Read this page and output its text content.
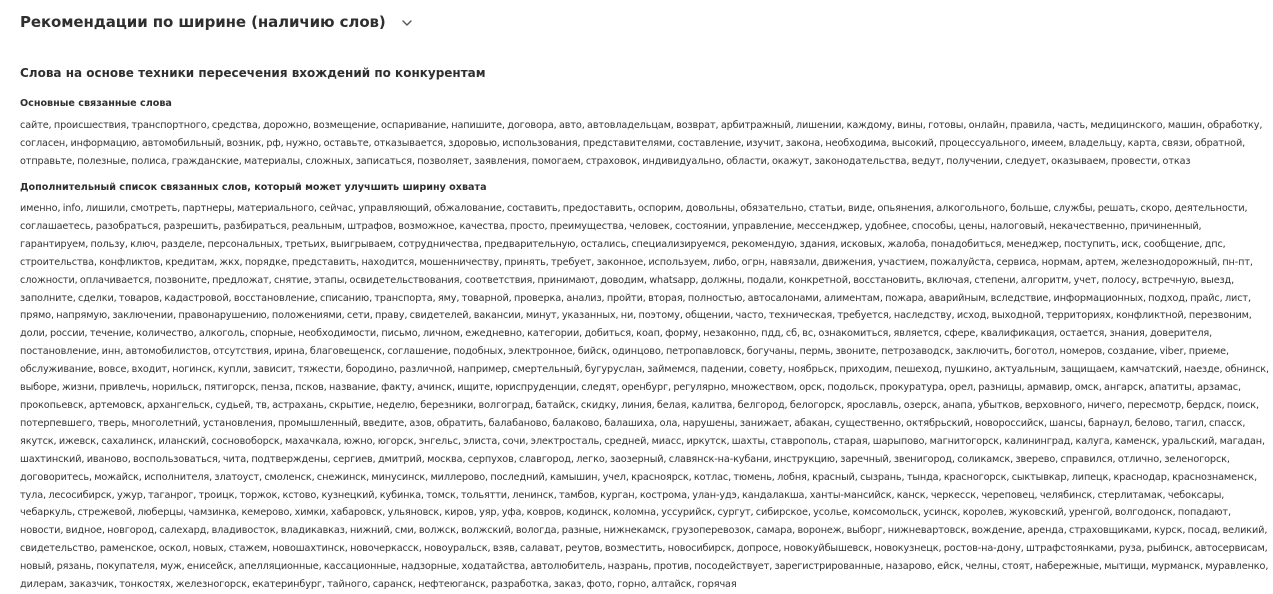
Рекомендации по ширине (наличию слов)
Слова на основе техники пересечения вхождений по конкурентам
Основные связанные слова
сайте, происшествия, транспортного, средства, дорожно, возмещение, оспаривание, напишите, договора, авто, автовладельцам, возврат, арбитражный, лишении, каждому, вины, готовы, онлайн, правила, часть, медицинского, машин, обработку, согласен, информацию, автомобильный, возник, рф, нужно, оставьте, отказывается, здоровью, использования, представителями, составление, изучит, закона, необходима, высокий, процессуального, имеем, владельцу, карта, связи, обратной, отправьте, полезные, полиса, гражданские, материалы, сложных, записаться, позволяет, заявления, помогаем, страховок, индивидуально, области, окажут, законодательства, ведут, получении, следует, оказываем, провести, отказ
Дополнительный список связанных слов, который может улучшить ширину охвата
именно, info, лишили, смотреть, партнеры, материального, сейчас, управляющий, обжалование, составить, предоставить, оспорим, довольны, обязательно, статьи, виде, опьянения, алкогольного, больше, службы, решать, скоро, деятельности, соглашаетесь, разобраться, разрешить, разбираться, реальным, штрафов, возможное, качества, просто, преимущества, человек, состоянии, управление, мессенджер, удобнее, способы, цены, налоговый, некачественно, причиненный, гарантируем, пользу, ключ, разделе, персональных, третьих, выигрываем, сотрудничества, предварительную, остались, специализируемся, рекомендую, здания, исковых, жалоба, понадобиться, менеджер, поступить, иск, сообщение, дпс, строительства, конфликтов, кредитам, жкх, порядке, представить, находится, мошенничеству, принять, требует, законное, используем, либо, огрн, навязали, движения, участием, пожалуйста, сервиса, нормам, артем, железнодорожный, пн-пт, сложности, оплачивается, позвоните, предложат, снятие, этапы, освидетельствования, соответствия, принимают, доводим, whatsapp, должны, подали, конкретной, восстановить, включая, степени, алгоритм, учет, полосу, встречную, выезд, заполните, сделки, товаров, кадастровой, восстановление, списанию, транспорта, яму, товарной, проверка, анализ, пройти, вторая, полностью, автосалонами, алиментам, пожара, аварийным, вследствие, информационных, подход, прайс, лист, прямо, напрямую, заключении, правонарушению, положениями, сети, праву, свидетелей, вакансии, минут, указанных, ни, поэтому, общении, часто, техническая, требуется, наследству, исход, выходной, территориях, конфликтной, перезвоним, доли, россии, течение, количество, алкоголь, спорные, необходимости, письмо, личном, ежедневно, категории, добиться, коап, форму, незаконно, пдд, сб, вс, ознакомиться, является, сфере, квалификация, остается, знания, доверителя, постановление, инн, автомобилистов, отсутствия, ирина, благовещенск, соглашение, подобных, электронное, бийск, одинцово, петропавловск, богучаны, пермь, звоните, петрозаводск, заключить, боготол, номеров, создание, viber, приеме, обслуживание, вовсе, входит, ногинск, купли, зависит, тяжести, бородино, различной, например, смертельный, бугуруслан, займемся, падении, совету, ноябрьск, приходим, пешеход, пушкино, актуальным, защищаем, камчатский, наезде, обнинск, выборе, жизни, привлечь, норильск, пятигорск, пенза, псков, название, факту, ачинск, ищите, юриспруденции, следят, оренбург, регулярно, множеством, орск, подольск, прокуратура, орел, разницы, армавир, омск, ангарск, апатиты, арзамас, прокопьевск, артемовск, архангельск, судьей, тв, астрахань, скрытие, неделю, березники, волгоград, батайск, скидку, линия, белая, калитва, белгород, белогорск, ярославль, озерск, анапа, убытков, верховного, ничего, пересмотр, бердск, поиск, потерпевшего, тверь, многолетний, установления, промышленный, введите, азов, обратить, балабаново, балаково, балашиха, ола, нарушены, занижает, абакан, существенно, октябрьский, новороссийск, шансы, барнаул, белово, тагил, спасск, якутск, ижевск, сахалинск, иланский, сосновоборск, махачкала, южно, югорск, энгельс, элиста, сочи, электросталь, средней, миасс, иркутск, шахты, ставрополь, старая, шарыпово, магнитогорск, калининград, калуга, каменск, уральский, магадан, шахтинский, иваново, воспользоваться, чита, подтверждены, сергиев, дмитрий, москва, серпухов, славгород, легко, заозерный, славянск-на-кубани, инструкцию, заречный, звенигород, соликамск, зверево, справился, отлично, зеленогорск, договоритесь, можайск, исполнителя, златоуст, смоленск, снежинск, минусинск, миллерово, последний, камышин, учел, красноярск, котлас, тюмень, лобня, красный, сызрань, тында, красногорск, сыктывкар, липецк, краснодар, краснознаменск, тула, лесосибирск, ужур, таганрог, троицк, торжок, кстово, кузнецкий, кубинка, томск, тольятти, ленинск, тамбов, курган, кострома, улан-удэ, кандалакша, ханты-мансийск, канск, черкесск, череповец, челябинск, стерлитамак, чебоксары, чебаркуль, стрежевой, люберцы, чамзинка, кемерово, химки, хабаровск, ульяновск, киров, уяр, уфа, ковров, кодинск, коломна, уссурийск, сургут, сибирское, усолье, комсомольск, усинск, королев, жуковский, уренгой, волгодонск, попадают, новости, видное, новгород, салехард, владивосток, владикавказ, нижний, сми, волжск, волжский, вологда, разные, нижнекамск, грузоперевозок, самара, воронеж, выборг, нижневартовск, вождение, аренда, страховщиками, курск, посад, великий, свидетельство, раменское, оскол, новых, стажем, новошахтинск, новочеркасск, новоуральск, взяв, салават, реутов, возместить, новосибирск, допросе, новокуйбышевск, новокузнецк, ростов-на-дону, штрафстоянками, руза, рыбинск, автосервисам, новый, рязань, покупателя, муж, енисейск, апелляционные, кассационные, надзорные, ходатайства, автолюбитель, назрань, против, посодействует, зарегистрированные, назарово, ейск, челны, стоят, набережные, мытищи, мурманск, муравленко, дилерам, заказчик, тонкостях, железногорск, екатеринбург, тайного, саранск, нефтеюганск, разработка, заказ, фото, горно, алтайск, горячая
